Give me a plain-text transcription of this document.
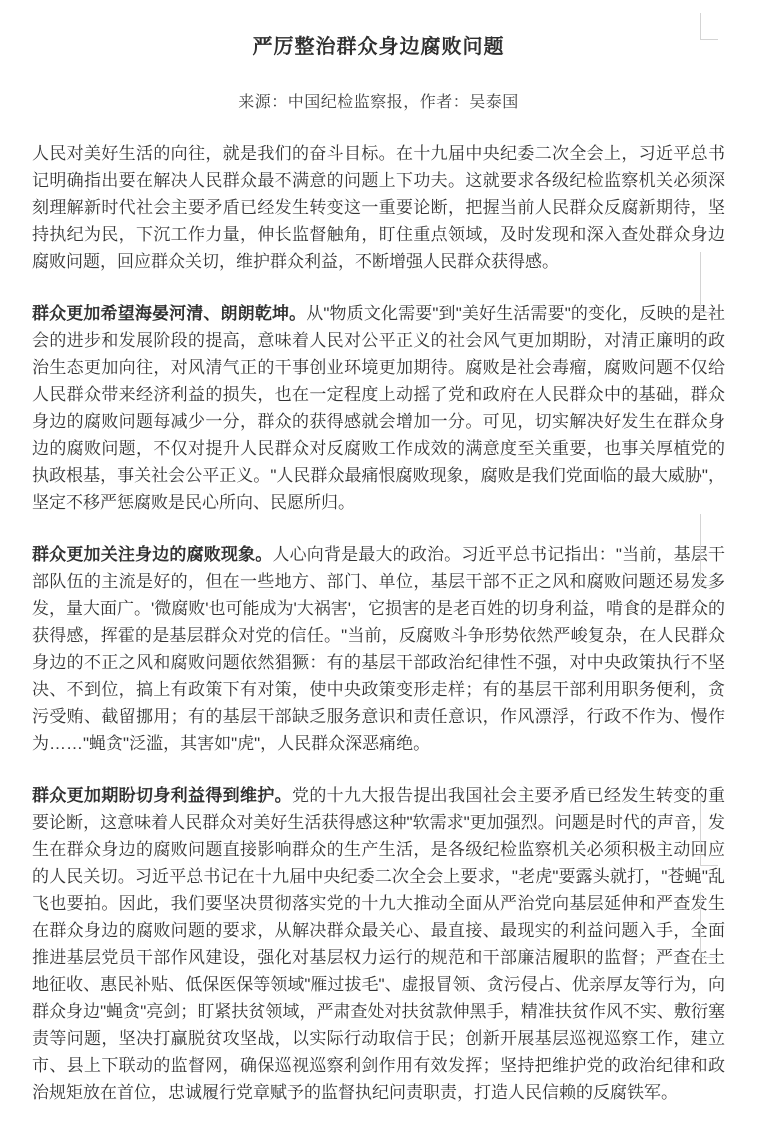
严厉整治群众身边腐败问题

来源：中国纪检监察报，作者：吴泰国

人民对美好生活的向往，就是我们的奋斗目标。在十九届中央纪委二次全会上，习近平总书记明确指出要在解决人民群众最不满意的问题上下功夫。这就要求各级纪检监察机关必须深刻理解新时代社会主要矛盾已经发生转变这一重要论断，把握当前人民群众反腐新期待，坚持执纪为民，下沉工作力量，伸长监督触角，盯住重点领域，及时发现和深入查处群众身边腐败问题，回应群众关切，维护群众利益，不断增强人民群众获得感。

群众更加希望海晏河清、朗朗乾坤。从"物质文化需要"到"美好生活需要"的变化，反映的是社会的进步和发展阶段的提高，意味着人民对公平正义的社会风气更加期盼，对清正廉明的政治生态更加向往，对风清气正的干事创业环境更加期待。腐败是社会毒瘤，腐败问题不仅给人民群众带来经济利益的损失，也在一定程度上动摇了党和政府在人民群众中的基础，群众身边的腐败问题每减少一分，群众的获得感就会增加一分。可见，切实解决好发生在群众身边的腐败问题，不仅对提升人民群众对反腐败工作成效的满意度至关重要，也事关厚植党的执政根基，事关社会公平正义。"人民群众最痛恨腐败现象，腐败是我们党面临的最大威胁"，坚定不移严惩腐败是民心所向、民愿所归。

群众更加关注身边的腐败现象。人心向背是最大的政治。习近平总书记指出："当前，基层干部队伍的主流是好的，但在一些地方、部门、单位，基层干部不正之风和腐败问题还易发多发，量大面广。'微腐败'也可能成为'大祸害'，它损害的是老百姓的切身利益，啃食的是群众的获得感，挥霍的是基层群众对党的信任。"当前，反腐败斗争形势依然严峻复杂，在人民群众身边的不正之风和腐败问题依然猖獗：有的基层干部政治纪律性不强，对中央政策执行不坚决、不到位，搞上有政策下有对策，使中央政策变形走样；有的基层干部利用职务便利，贪污受贿、截留挪用；有的基层干部缺乏服务意识和责任意识，作风漂浮，行政不作为、慢作为……"蝇贪"泛滥，其害如"虎"，人民群众深恶痛绝。

群众更加期盼切身利益得到维护。党的十九大报告提出我国社会主要矛盾已经发生转变的重要论断，这意味着人民群众对美好生活获得感这种"软需求"更加强烈。问题是时代的声音，发生在群众身边的腐败问题直接影响群众的生产生活，是各级纪检监察机关必须积极主动回应的人民关切。习近平总书记在十九届中央纪委二次全会上要求，"老虎"要露头就打，"苍蝇"乱飞也要拍。因此，我们要坚决贯彻落实党的十九大推动全面从严治党向基层延伸和严查发生在群众身边的腐败问题的要求，从解决群众最关心、最直接、最现实的利益问题入手，全面推进基层党员干部作风建设，强化对基层权力运行的规范和干部廉洁履职的监督；严查在土地征收、惠民补贴、低保医保等领域"雁过拔毛"、虚报冒领、贪污侵占、优亲厚友等行为，向群众身边"蝇贪"亮剑；盯紧扶贫领域，严肃查处对扶贫款伸黑手，精准扶贫作风不实、敷衍塞责等问题，坚决打赢脱贫攻坚战，以实际行动取信于民；创新开展基层巡视巡察工作，建立市、县上下联动的监督网，确保巡视巡察利剑作用有效发挥；坚持把维护党的政治纪律和政治规矩放在首位，忠诚履行党章赋予的监督执纪问责职责，打造人民信赖的反腐铁军。
